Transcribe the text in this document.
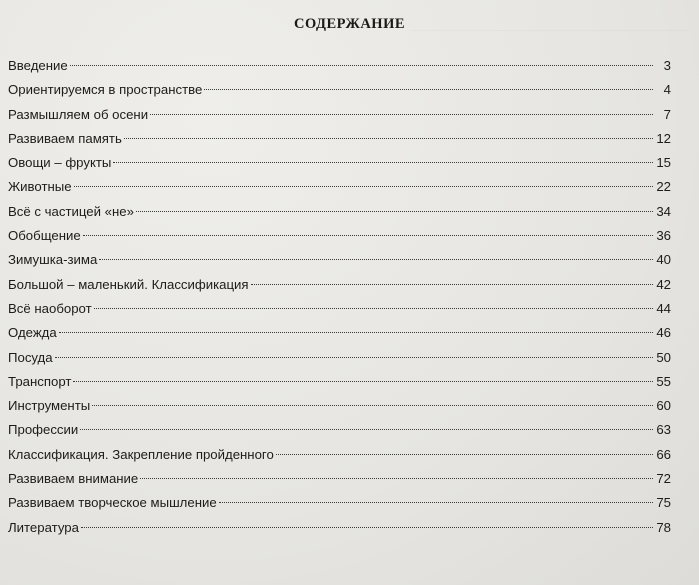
СОДЕРЖАНИЕ
Введение	3
Ориентируемся в пространстве	4
Размышляем об осени	7
Развиваем память	12
Овощи – фрукты	15
Животные	22
Всё с частицей «не»	34
Обобщение	36
Зимушка-зима	40
Большой – маленький. Классификация	42
Всё наоборот	44
Одежда	46
Посуда	50
Транспорт	55
Инструменты	60
Профессии	63
Классификация. Закрепление пройденного	66
Развиваем внимание	72
Развиваем творческое мышление	75
Литература	78
